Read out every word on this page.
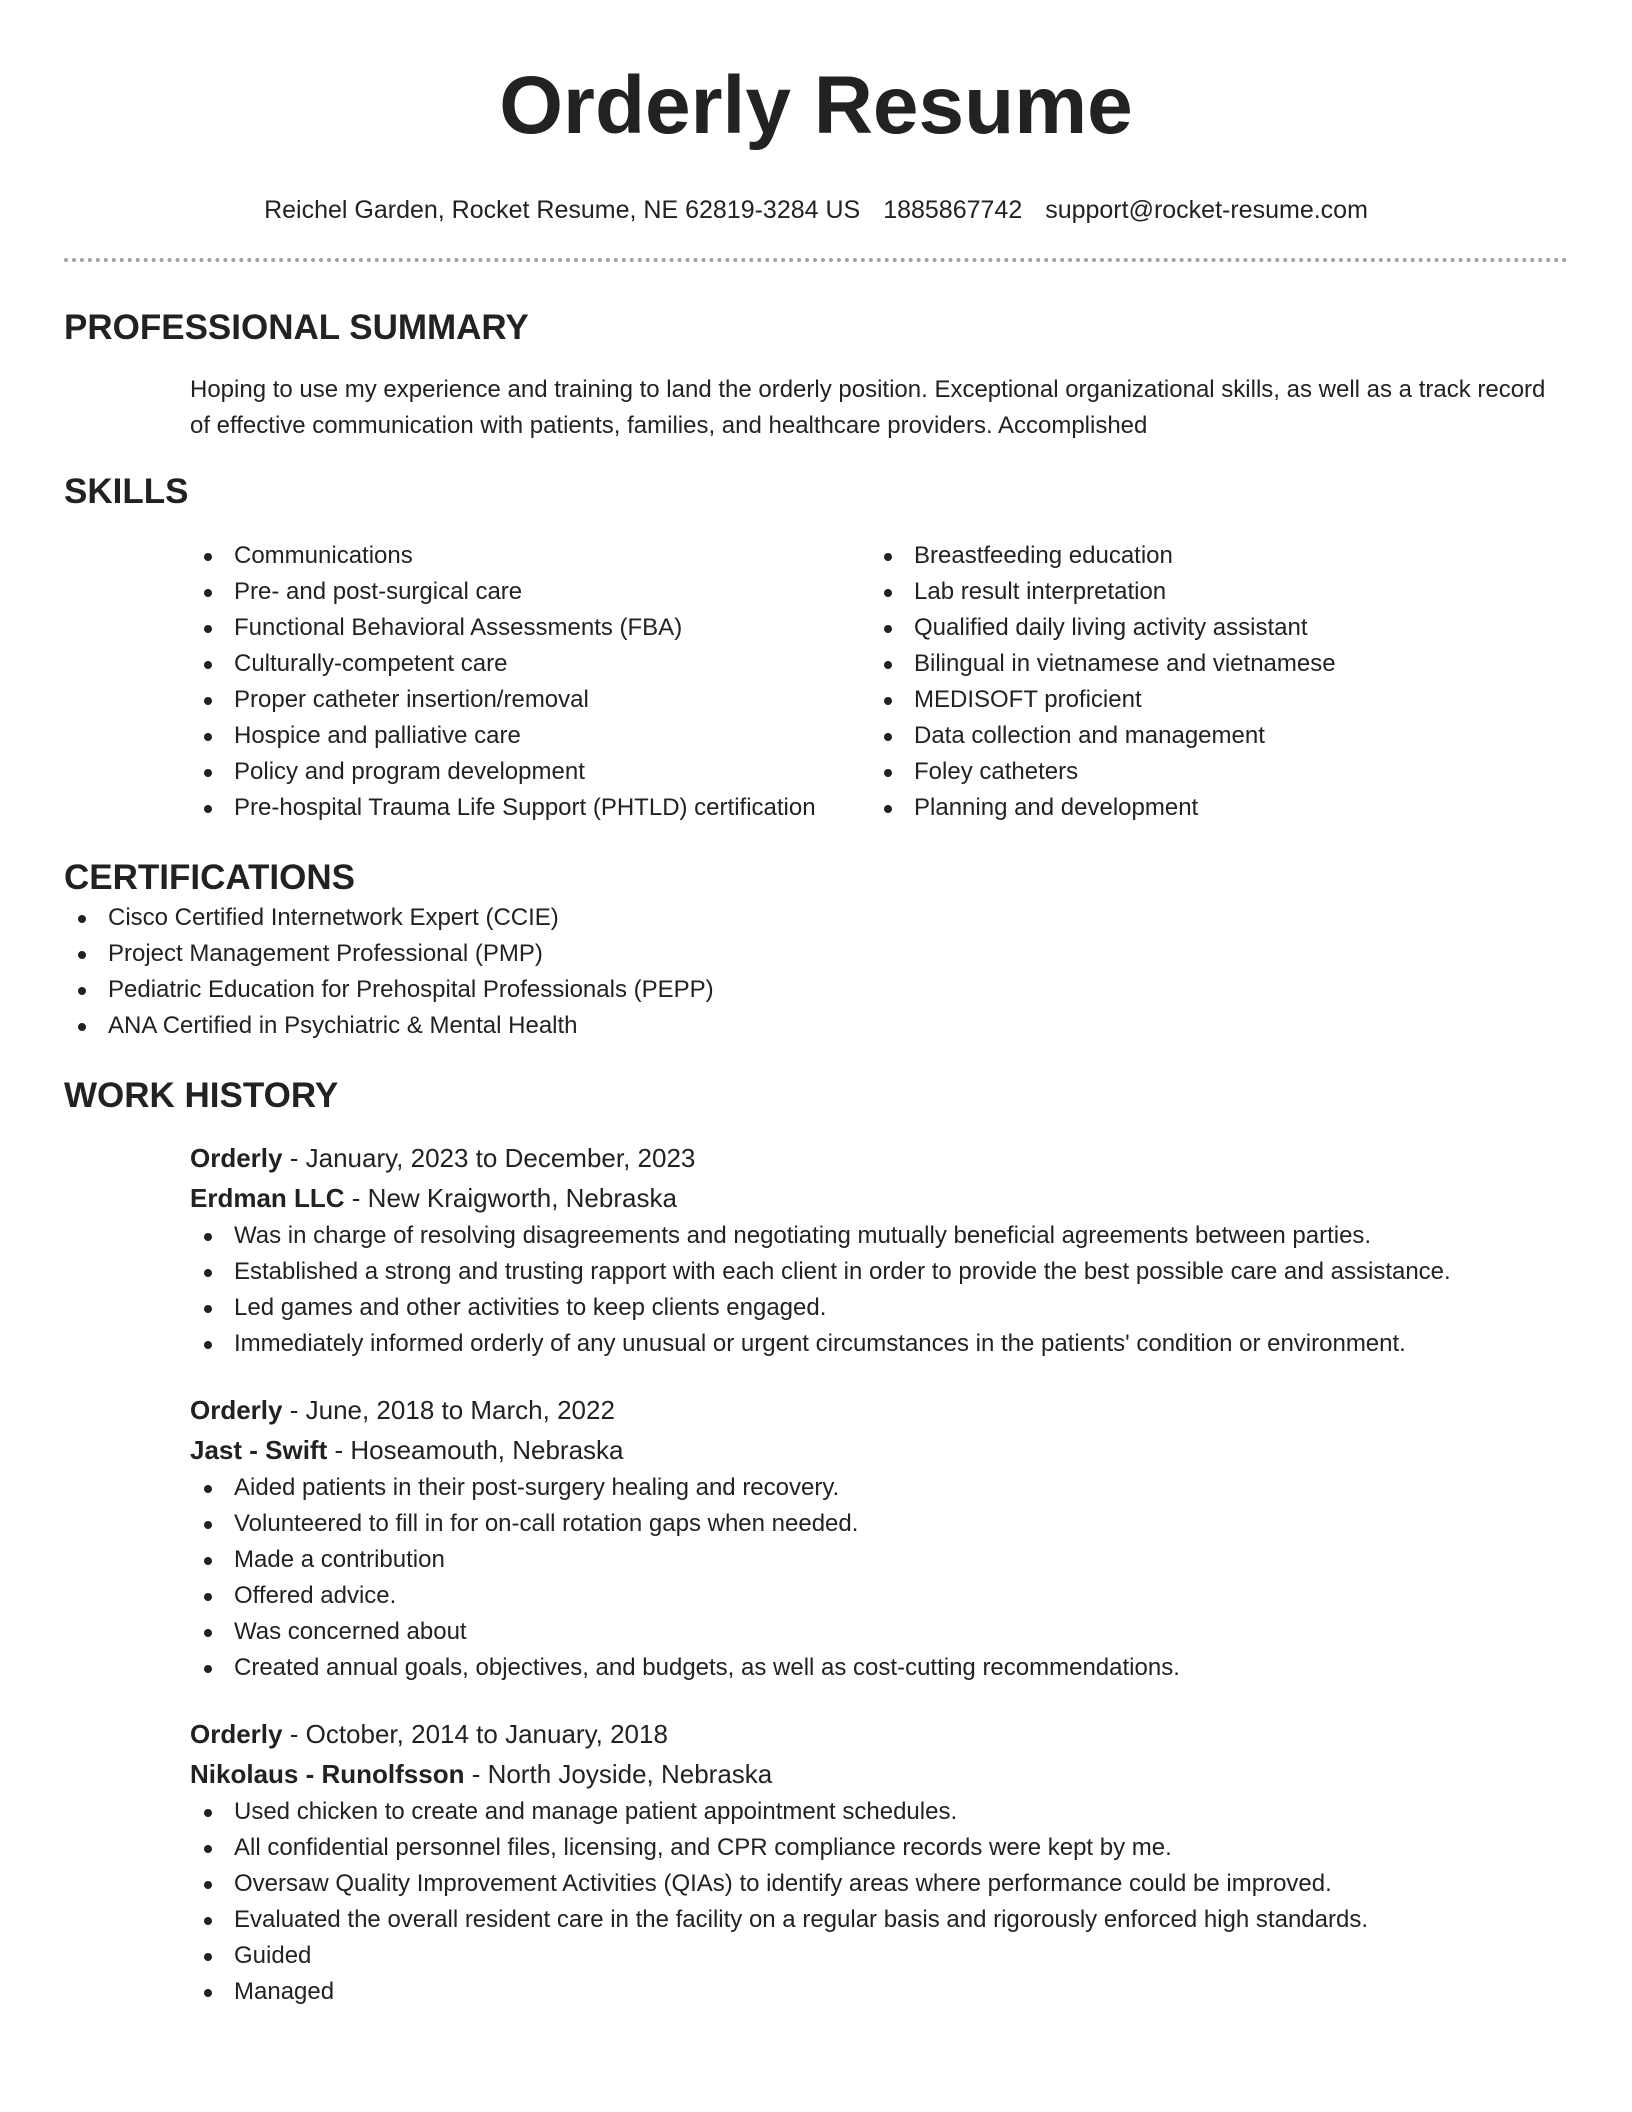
Orderly Resume
Reichel Garden, Rocket Resume, NE 62819-3284 US 1885867742 support@rocket-resume.com
PROFESSIONAL SUMMARY
Hoping to use my experience and training to land the orderly position. Exceptional organizational skills, as well as a track record of effective communication with patients, families, and healthcare providers. Accomplished
SKILLS
Communications
Pre- and post-surgical care
Functional Behavioral Assessments (FBA)
Culturally-competent care
Proper catheter insertion/removal
Hospice and palliative care
Policy and program development
Pre-hospital Trauma Life Support (PHTLD) certification
Breastfeeding education
Lab result interpretation
Qualified daily living activity assistant
Bilingual in vietnamese and vietnamese
MEDISOFT proficient
Data collection and management
Foley catheters
Planning and development
CERTIFICATIONS
Cisco Certified Internetwork Expert (CCIE)
Project Management Professional (PMP)
Pediatric Education for Prehospital Professionals (PEPP)
ANA Certified in Psychiatric & Mental Health
WORK HISTORY
Orderly - January, 2023 to December, 2023
Erdman LLC - New Kraigworth, Nebraska
Was in charge of resolving disagreements and negotiating mutually beneficial agreements between parties.
Established a strong and trusting rapport with each client in order to provide the best possible care and assistance.
Led games and other activities to keep clients engaged.
Immediately informed orderly of any unusual or urgent circumstances in the patients' condition or environment.
Orderly - June, 2018 to March, 2022
Jast - Swift - Hoseamouth, Nebraska
Aided patients in their post-surgery healing and recovery.
Volunteered to fill in for on-call rotation gaps when needed.
Made a contribution
Offered advice.
Was concerned about
Created annual goals, objectives, and budgets, as well as cost-cutting recommendations.
Orderly - October, 2014 to January, 2018
Nikolaus - Runolfsson - North Joyside, Nebraska
Used chicken to create and manage patient appointment schedules.
All confidential personnel files, licensing, and CPR compliance records were kept by me.
Oversaw Quality Improvement Activities (QIAs) to identify areas where performance could be improved.
Evaluated the overall resident care in the facility on a regular basis and rigorously enforced high standards.
Guided
Managed
